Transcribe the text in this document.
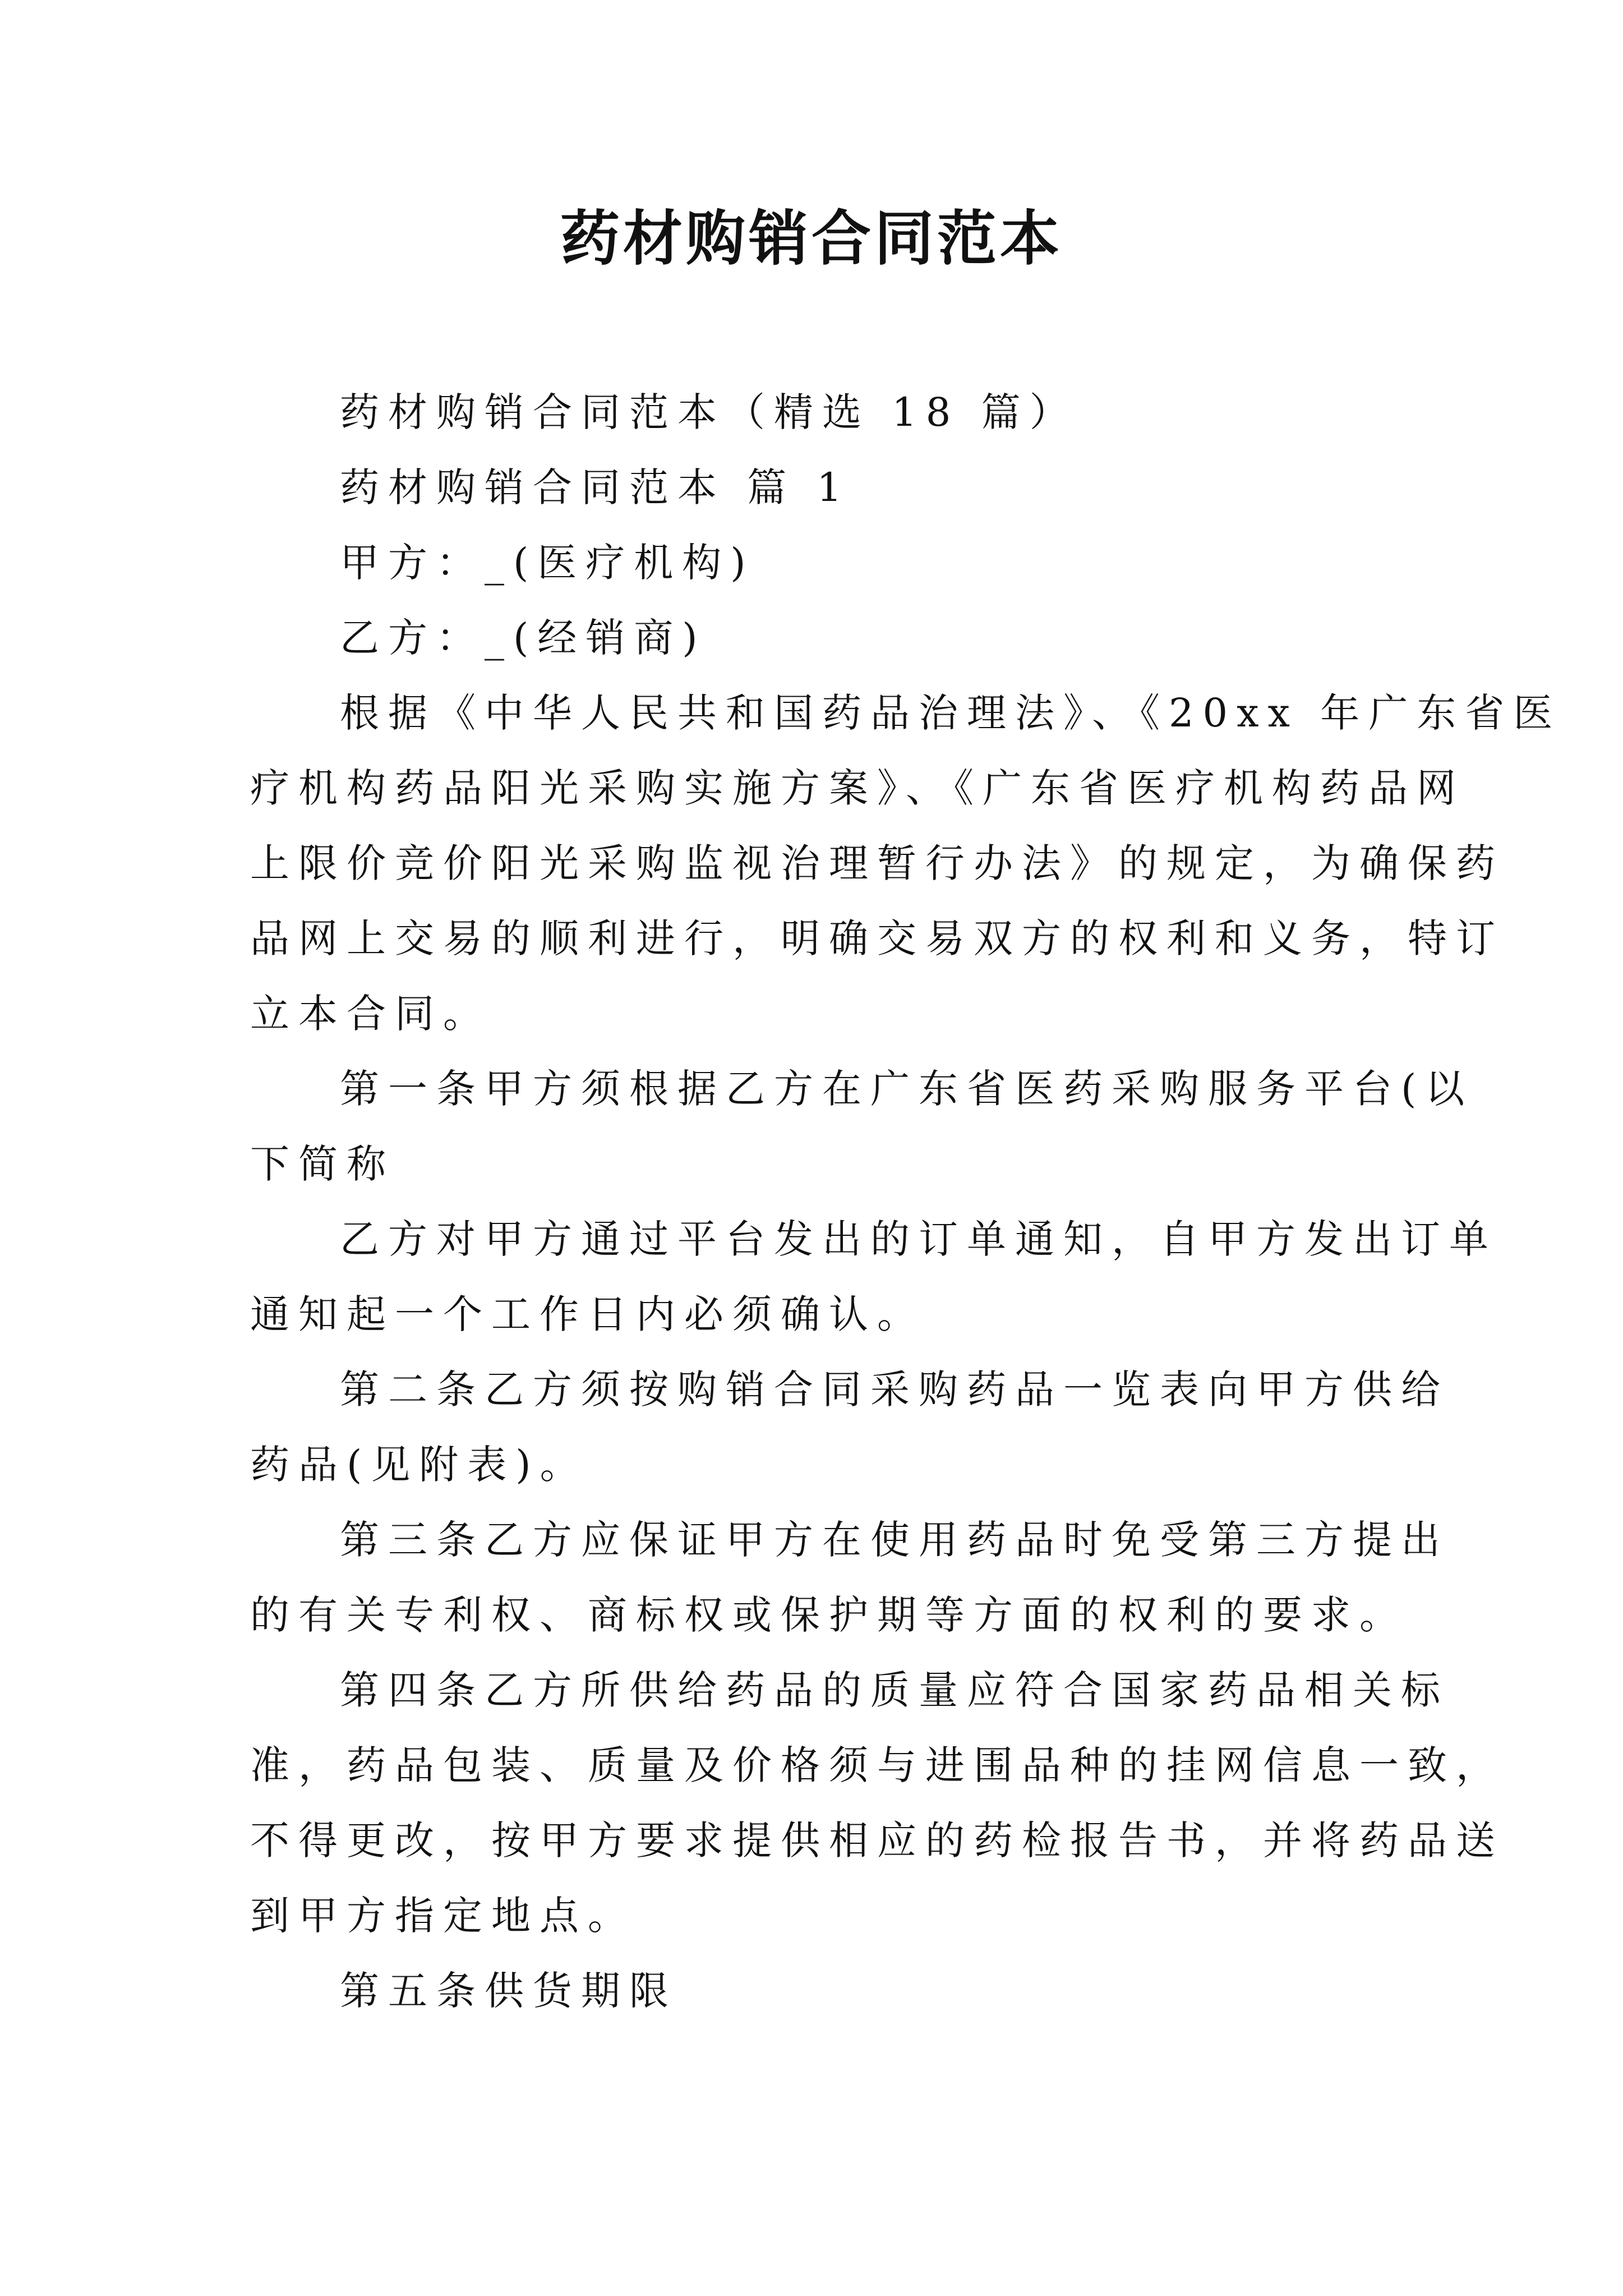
药材购销合同范本

药材购销合同范本（精选 18 篇）

药材购销合同范本 篇 1

甲方：_(医疗机构)

乙方：_(经销商)

根据《中华人民共和国药品治理法》、《20xx 年广东省医

疗机构药品阳光采购实施方案》、《广东省医疗机构药品网

上限价竞价阳光采购监视治理暂行办法》的规定，为确保药

品网上交易的顺利进行，明确交易双方的权利和义务，特订

立本合同。

第一条甲方须根据乙方在广东省医药采购服务平台(以

下简称

乙方对甲方通过平台发出的订单通知，自甲方发出订单

通知起一个工作日内必须确认。

第二条乙方须按购销合同采购药品一览表向甲方供给

药品(见附表)。

第三条乙方应保证甲方在使用药品时免受第三方提出

的有关专利权、商标权或保护期等方面的权利的要求。

第四条乙方所供给药品的质量应符合国家药品相关标

准，药品包装、质量及价格须与进围品种的挂网信息一致，

不得更改，按甲方要求提供相应的药检报告书，并将药品送

到甲方指定地点。

第五条供货期限
